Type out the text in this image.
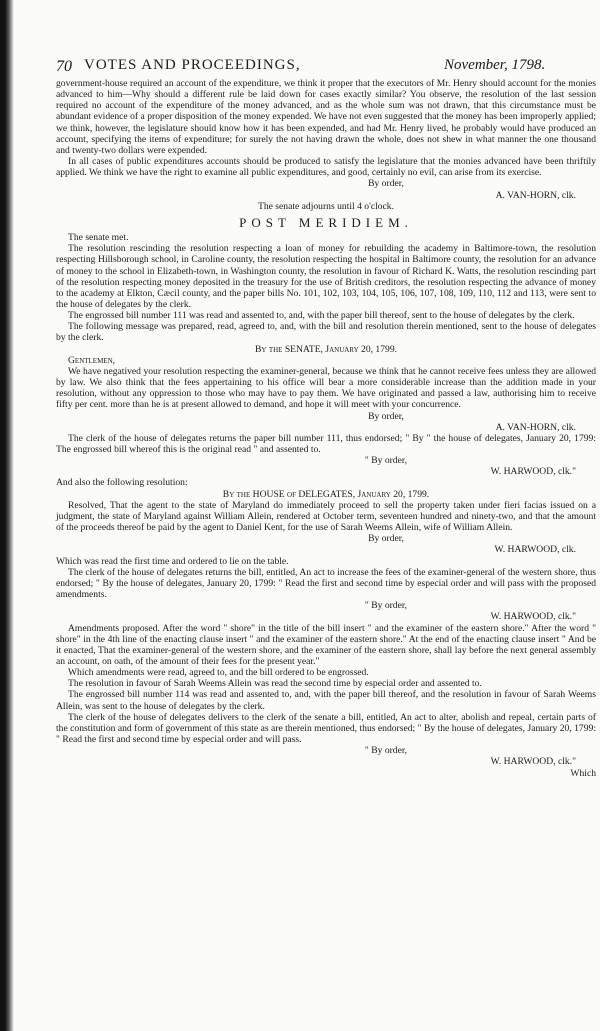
70 VOTES AND PROCEEDINGS,	November, 1798.

government-house required an account of the expenditure, we think it proper that the executors of Mr. Henry should account for the monies advanced to him—Why should a different rule be laid down for cases exactly similar? You observe, the resolution of the last session required no account of the expenditure of the money advanced, and as the whole sum was not drawn, that this circumstance must be abundant evidence of a proper disposition of the money expended. We have not even suggested that the money has been improperly applied; we think, however, the legislature should know how it has been expended, and had Mr. Henry lived, he probably would have produced an account, specifying the items of expenditure; for surely the not having drawn the whole, does not shew in what manner the one thousand and twenty-two dollars were expended.

In all cases of public expenditures accounts should be produced to satisfy the legislature that the monies advanced have been thriftily applied. We think we have the right to examine all public expenditures, and good, certainly no evil, can arise from its exercise.

By order,

A. VAN-HORN, clk.

The senate adjourns until 4 o'clock.

POST MERIDIEM.

The senate met.

The resolution rescinding the resolution respecting a loan of money for rebuilding the academy in Baltimore-town, the resolution respecting Hillsborough school, in Caroline county, the resolution respecting the hospital in Baltimore county, the resolution for an advance of money to the school in Elizabeth-town, in Washington county, the resolution in favour of Richard K. Watts, the resolution rescinding part of the resolution respecting money deposited in the treasury for the use of British creditors, the resolution respecting the advance of money to the academy at Elkton, Cæcil county, and the paper bills No. 101, 102, 103, 104, 105, 106, 107, 108, 109, 110, 112 and 113, were sent to the house of delegates by the clerk.

The engrossed bill number 111 was read and assented to, and, with the paper bill thereof, sent to the house of delegates by the clerk.

The following message was prepared, read, agreed to, and, with the bill and resolution therein mentioned, sent to the house of delegates by the clerk.

By the SENATE, January 20, 1799.

Gentlemen,

We have negatived your resolution respecting the examiner-general, because we think that he cannot receive fees unless they are allowed by law. We also think that the fees appertaining to his office will bear a more considerable increase than the addition made in your resolution, without any oppression to those who may have to pay them. We have originated and passed a law, authorising him to receive fifty per cent. more than he is at present allowed to demand, and hope it will meet with your concurrence.

By order,

A. VAN-HORN, clk.

The clerk of the house of delegates returns the paper bill number 111, thus endorsed; " By " the house of delegates, January 20, 1799: The engrossed bill whereof this is the original read " and assented to.

" By order,

W. HARWOOD, clk."

And also the following resolution:

By the HOUSE of DELEGATES, January 20, 1799.

Resolved, That the agent to the state of Maryland do immediately proceed to sell the property taken under fieri facias issued on a judgment, the state of Maryland against William Allein, rendered at October term, seventeen hundred and ninety-two, and that the amount of the proceeds thereof be paid by the agent to Daniel Kent, for the use of Sarah Weems Allein, wife of William Allein.

By order,

W. HARWOOD, clk.

Which was read the first time and ordered to lie on the table.

The clerk of the house of delegates returns the bill, entitled, An act to increase the fees of the examiner-general of the western shore, thus endorsed; " By the house of delegates, January 20, 1799: " Read the first and second time by especial order and will pass with the proposed amendments.

" By order,

W. HARWOOD, clk."

Amendments proposed. After the word " shore" in the title of the bill insert " and the examiner of the eastern shore." After the word " shore" in the 4th line of the enacting clause insert " and the examiner of the eastern shore." At the end of the enacting clause insert " And be it enacted, That the examiner-general of the western shore, and the examiner of the eastern shore, shall lay before the next general assembly an account, on oath, of the amount of their fees for the present year."

Which amendments were read, agreed to, and the bill ordered to be engrossed.

The resolution in favour of Sarah Weems Allein was read the second time by especial order and assented to.

The engrossed bill number 114 was read and assented to, and, with the paper bill thereof, and the resolution in favour of Sarah Weems Allein, was sent to the house of delegates by the clerk.

The clerk of the house of delegates delivers to the clerk of the senate a bill, entitled, An act to alter, abolish and repeal, certain parts of the constitution and form of government of this state as are therein mentioned, thus endorsed; " By the house of delegates, January 20, 1799: " Read the first and second time by especial order and will pass.

" By order,

W. HARWOOD, clk."

Which
